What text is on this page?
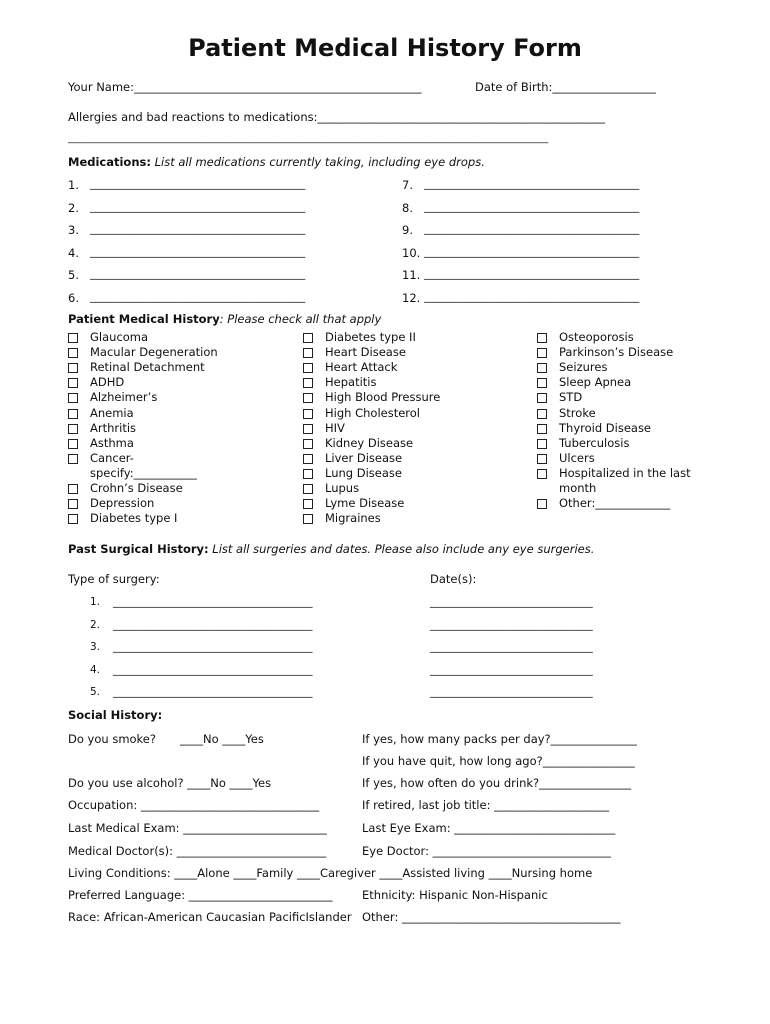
Patient Medical History Form
Your Name:__________________________________________________	Date of Birth:__________________
Allergies and bad reactions to medications:__________________________________________________
__________________________________________________________________________________________________
Medications: List all medications currently taking, including eye drops.
1. _________________________________________	7. _________________________________________
2. _________________________________________	8. _________________________________________
3. _________________________________________	9. _________________________________________
4. _________________________________________	10. _________________________________________
5. _________________________________________	11. _________________________________________
6. _________________________________________	12. _________________________________________
Patient Medical History: Please check all that apply
Glaucoma
Macular Degeneration
Retinal Detachment
ADHD
Alzheimer’s
Anemia
Arthritis
Asthma
Cancer-
Crohn’s Disease
Depression
Diabetes type I
specify:___________
Diabetes type II
Heart Disease
Heart Attack
Hepatitis
High Blood Pressure
High Cholesterol
HIV
Kidney Disease
Liver Disease
Lung Disease
Lupus
Lyme Disease
Migraines
Osteoporosis
Parkinson’s Disease
Seizures
Sleep Apnea
STD
Stroke
Thyroid Disease
Tuberculosis
Ulcers
Hospitalized in the last
Other:_____________
month
Past Surgical History: List all surgeries and dates. Please also include any eye surgeries.
Type of surgery:	Date(s):
1. ______________________________________	_______________________________
2. ______________________________________	_______________________________
3. ______________________________________	_______________________________
4. ______________________________________	_______________________________
5. ______________________________________	_______________________________
Social History:
Do you smoke? ____No ____Yes	If yes, how many packs per day?_______________
If you have quit, how long ago?________________
Do you use alcohol? ____No ____Yes	If yes, how often do you drink?________________
Occupation: _______________________________	If retired, last job title: ____________________
Last Medical Exam: _________________________	Last Eye Exam: ____________________________
Medical Doctor(s): __________________________	Eye Doctor: _______________________________
Living Conditions: ____Alone ____Family ____Caregiver ____Assisted living ____Nursing home
Preferred Language: _________________________	Ethnicity: Hispanic Non-Hispanic
Race: African-American Caucasian PacificIslander Other: ______________________________________
